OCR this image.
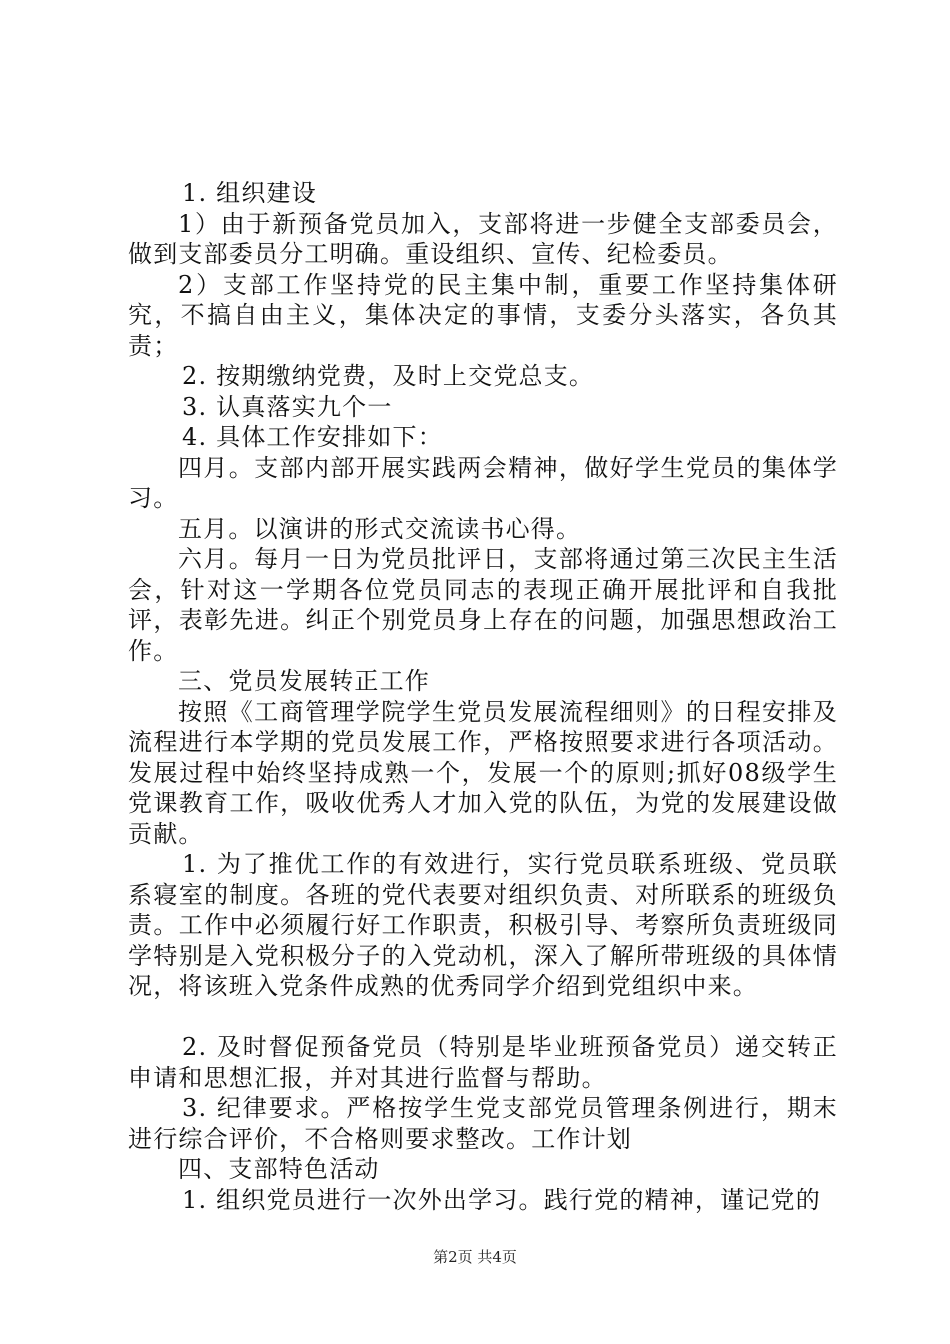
1. 组织建设

1）由于新预备党员加入，支部将进一步健全支部委员会，做到支部委员分工明确。重设组织、宣传、纪检委员。

2）支部工作坚持党的民主集中制，重要工作坚持集体研究，不搞自由主义，集体决定的事情，支委分头落实，各负其责；

2. 按期缴纳党费，及时上交党总支。

3. 认真落实九个一

4. 具体工作安排如下：

四月。支部内部开展实践两会精神，做好学生党员的集体学习。

五月。以演讲的形式交流读书心得。

六月。每月一日为党员批评日，支部将通过第三次民主生活会，针对这一学期各位党员同志的表现正确开展批评和自我批评，表彰先进。纠正个别党员身上存在的问题，加强思想政治工作。

三、党员发展转正工作

按照《工商管理学院学生党员发展流程细则》的日程安排及流程进行本学期的党员发展工作，严格按照要求进行各项活动。发展过程中始终坚持成熟一个，发展一个的原则;抓好08级学生党课教育工作，吸收优秀人才加入党的队伍，为党的发展建设做贡献。

1. 为了推优工作的有效进行，实行党员联系班级、党员联系寝室的制度。各班的党代表要对组织负责、对所联系的班级负责。工作中必须履行好工作职责，积极引导、考察所负责班级同学特别是入党积极分子的入党动机，深入了解所带班级的具体情况，将该班入党条件成熟的优秀同学介绍到党组织中来。

2. 及时督促预备党员（特别是毕业班预备党员）递交转正申请和思想汇报，并对其进行监督与帮助。

3. 纪律要求。严格按学生党支部党员管理条例进行，期末进行综合评价，不合格则要求整改。工作计划

四、支部特色活动

1. 组织党员进行一次外出学习。践行党的精神，谨记党的

第2页 共4页
